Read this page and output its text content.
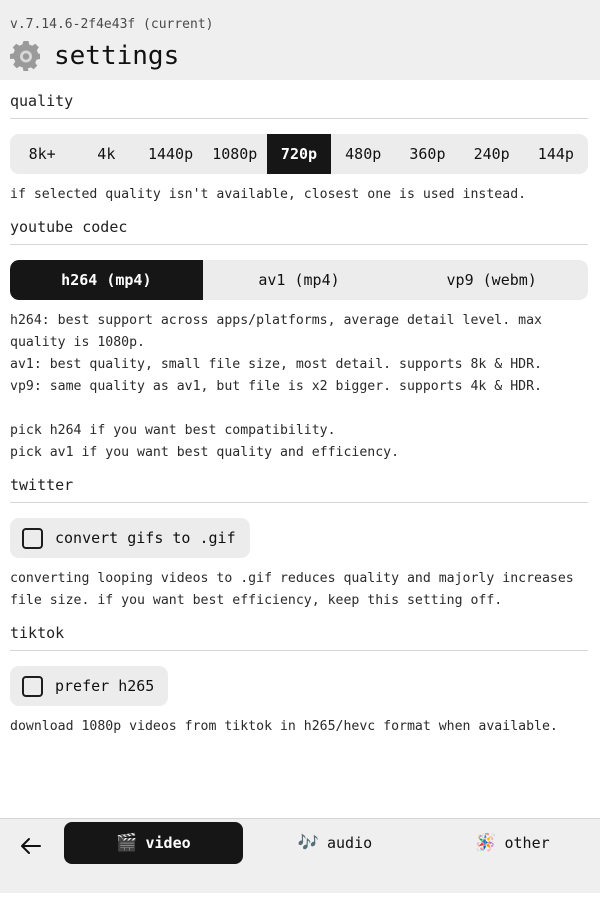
v.7.14.6-2f4e43f (current)
settings
quality
8k+	4k	1440p	1080p	720p	480p	360p	240p	144p
if selected quality isn't available, closest one is used instead.
youtube codec
h264 (mp4)	av1 (mp4)	vp9 (webm)
h264: best support across apps/platforms, average detail level. max quality is 1080p.
av1: best quality, small file size, most detail. supports 8k & HDR.
vp9: same quality as av1, but file is x2 bigger. supports 4k & HDR.
pick h264 if you want best compatibility.
pick av1 if you want best quality and efficiency.
twitter
convert gifs to .gif
converting looping videos to .gif reduces quality and majorly increases file size. if you want best efficiency, keep this setting off.
tiktok
prefer h265
download 1080p videos from tiktok in h265/hevc format when available.
🎬 video	🎶 audio	🪅 other
